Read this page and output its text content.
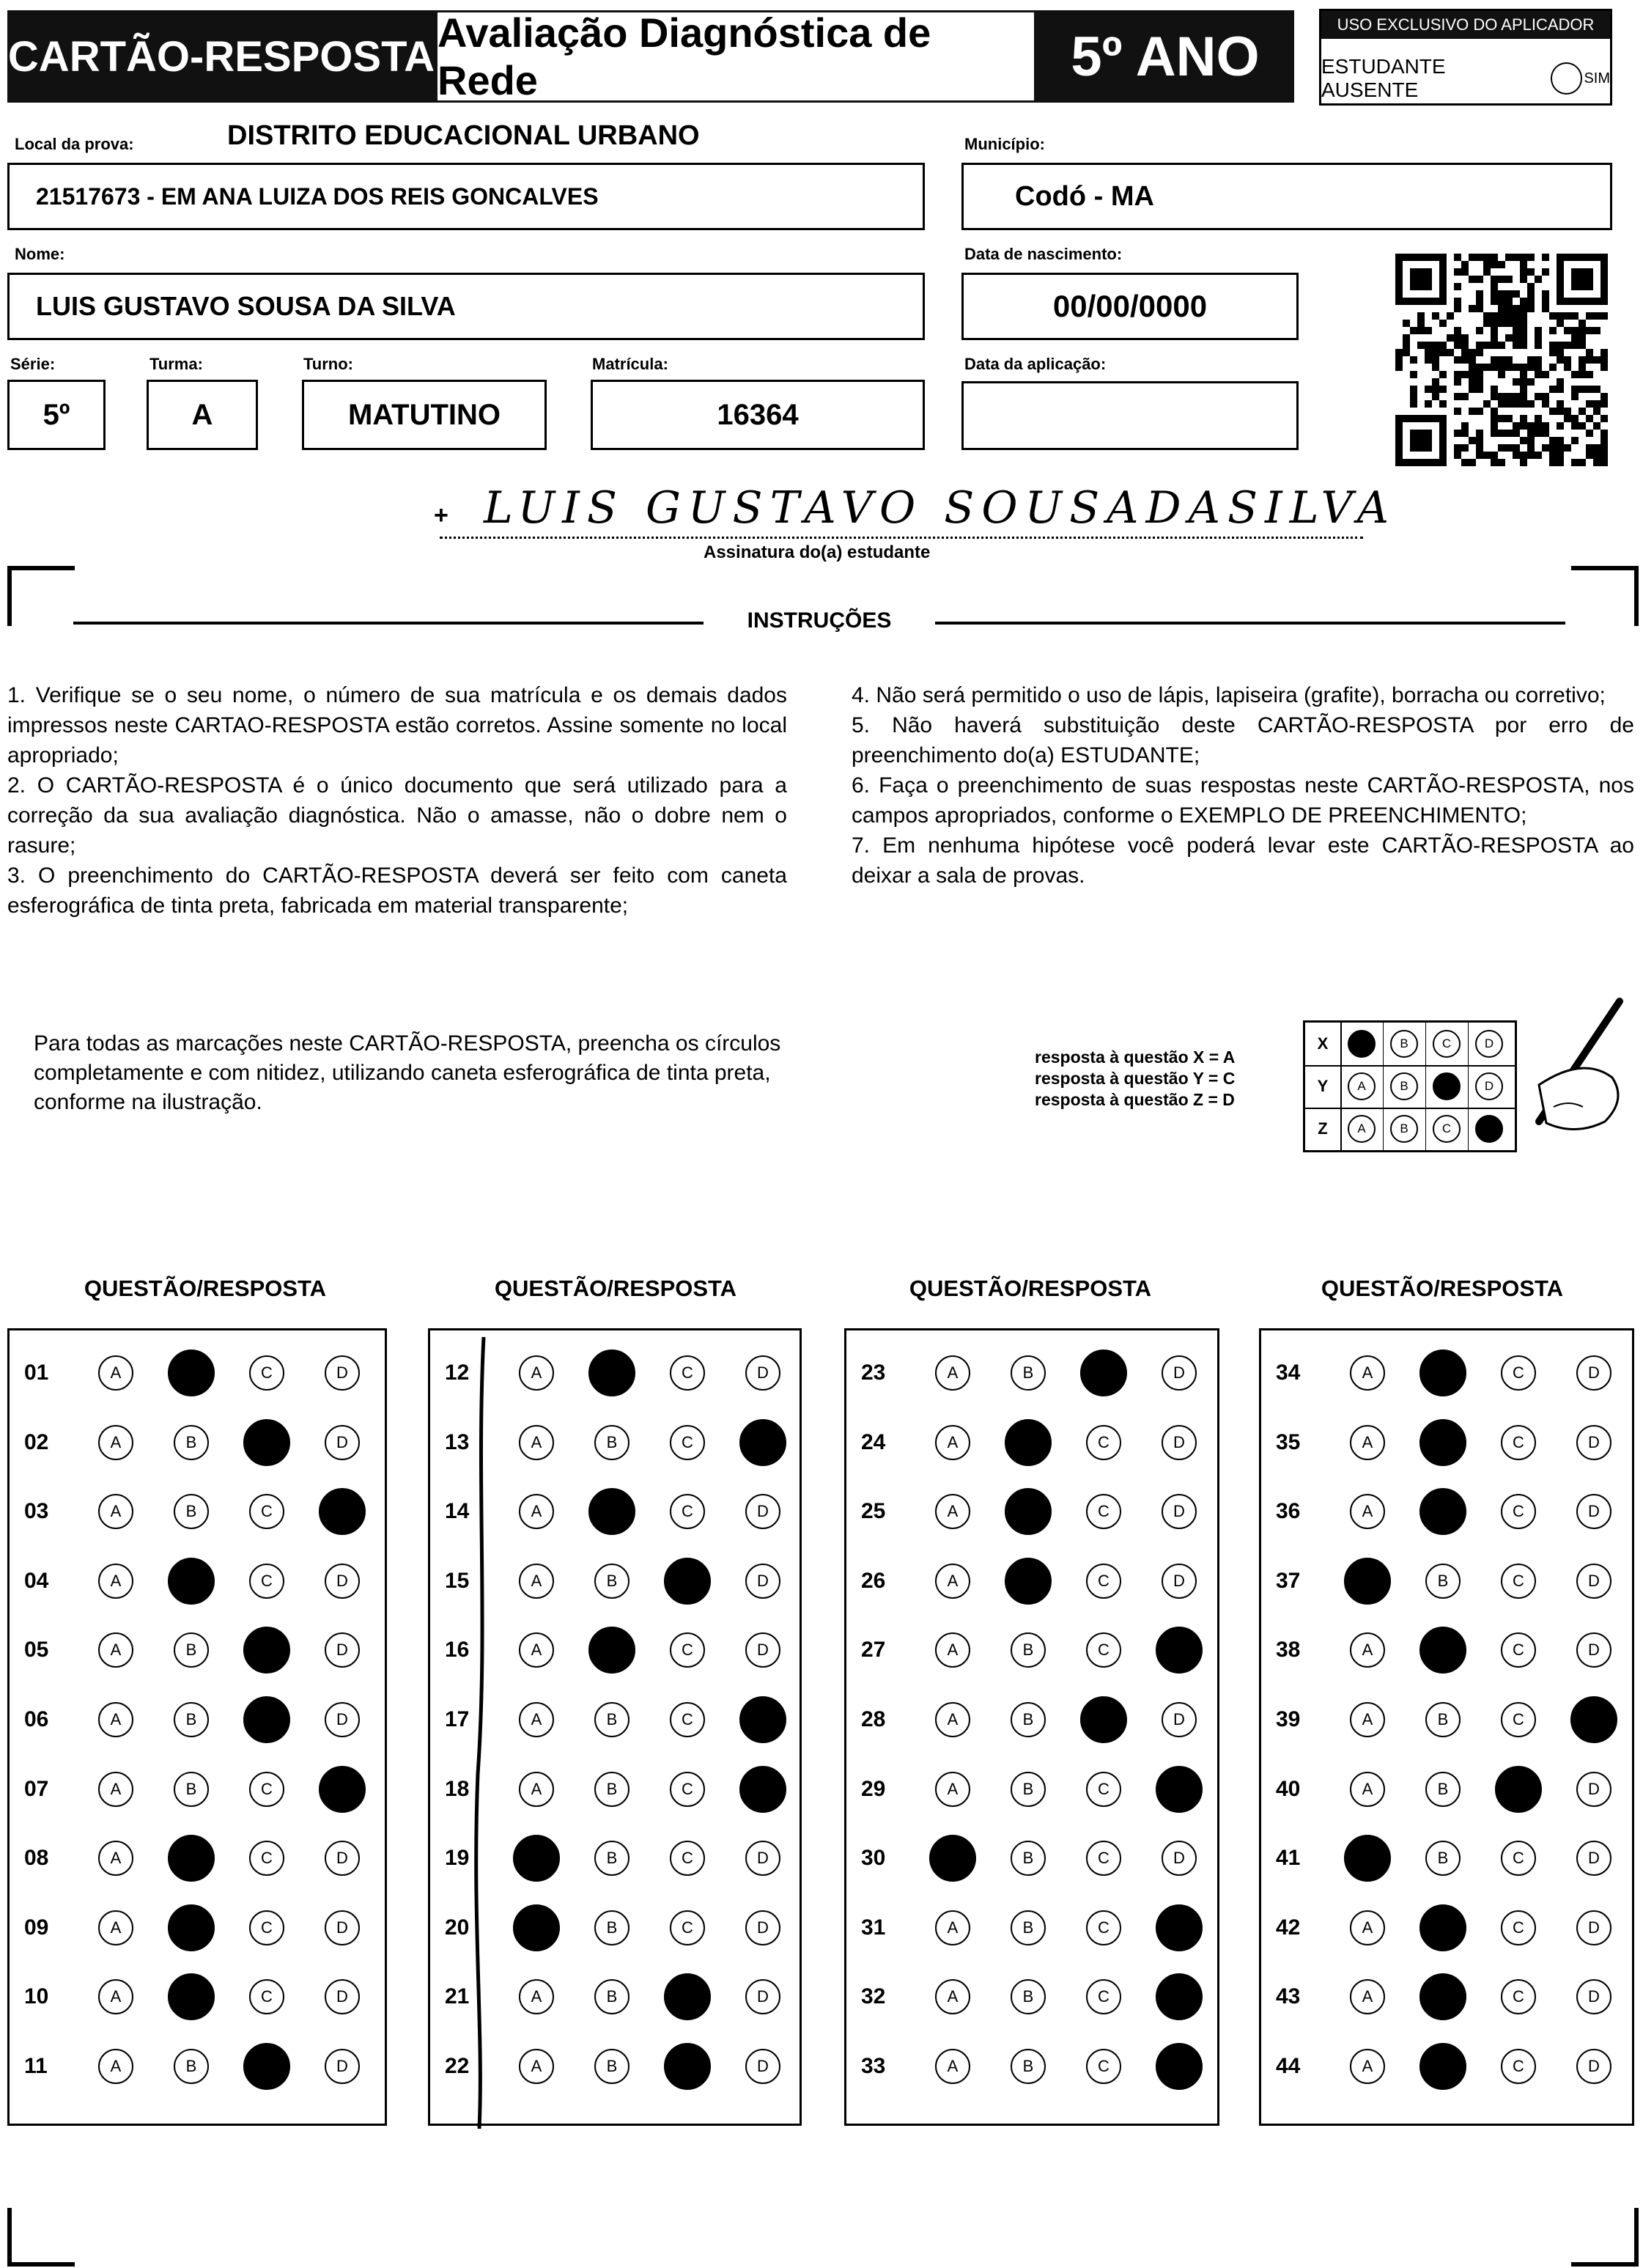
CARTÃO-RESPOSTA Avaliação Diagnóstica de Rede	5º ANO
USO EXCLUSIVO DO APLICADOR
ESTUDANTE AUSENTE
SIM
Local da prova:	DISTRITO EDUCACIONAL URBANO
21517673 - EM ANA LUIZA DOS REIS GONCALVES
Município:
Codó - MA
Nome:
LUIS GUSTAVO SOUSA DA SILVA
Data de nascimento:
00/00/0000
Série:
5º
Turma:
A
Turno:
MATUTINO
Matrícula:
16364
Data da aplicação:
+ LUIS GUSTAVO SOUSADASILVA
Assinatura do(a) estudante
INSTRUÇÕES

1. Verifique se o seu nome, o número de sua matrícula e os demais dados impressos neste CARTAO-RESPOSTA estão corretos. Assine somente no local apropriado;

2. O CARTÃO-RESPOSTA é o único documento que será utilizado para a correção da sua avaliação diagnóstica. Não o amasse, não o dobre nem o rasure;

3. O preenchimento do CARTÃO-RESPOSTA deverá ser feito com caneta esferográfica de tinta preta, fabricada em material transparente;

4. Não será permitido o uso de lápis, lapiseira (grafite), borracha ou corretivo;

5. Não haverá substituição deste CARTÃO-RESPOSTA por erro de preenchimento do(a) ESTUDANTE;

6. Faça o preenchimento de suas respostas neste CARTÃO-RESPOSTA, nos campos apropriados, conforme o EXEMPLO DE PREENCHIMENTO;

7. Em nenhuma hipótese você poderá levar este CARTÃO-RESPOSTA ao deixar a sala de provas.

Para todas as marcações neste CARTÃO-RESPOSTA, preencha os círculos completamente e com nitidez, utilizando caneta esferográfica de tinta preta, conforme na ilustração.
resposta à questão X = A
resposta à questão Y = C
resposta à questão Z = D
X	A	B	C	D
Y	A	B	C	D
Z	A	B	C	D
QUESTÃO/RESPOSTA	QUESTÃO/RESPOSTA	QUESTÃO/RESPOSTA	QUESTÃO/RESPOSTA
01	A	B	C	D
02	A	B	C	D
03	A	B	C	D
04	A	B	C	D
05	A	B	C	D
06	A	B	C	D
07	A	B	C	D
08	A	B	C	D
09	A	B	C	D
10	A	B	C	D
11	A	B	C	D
12	A	B	C	D
13	A	B	C	D
14	A	B	C	D
15	A	B	C	D
16	A	B	C	D
17	A	B	C	D
18	A	B	C	D
19	A	B	C	D
20	A	B	C	D
21	A	B	C	D
22	A	B	C	D
23	A	B	C	D
24	A	B	C	D
25	A	B	C	D
26	A	B	C	D
27	A	B	C	D
28	A	B	C	D
29	A	B	C	D
30	A	B	C	D
31	A	B	C	D
32	A	B	C	D
33	A	B	C	D
34	A	B	C	D
35	A	B	C	D
36	A	B	C	D
37	A	B	C	D
38	A	B	C	D
39	A	B	C	D
40	A	B	C	D
41	A	B	C	D
42	A	B	C	D
43	A	B	C	D
44	A	B	C	D
